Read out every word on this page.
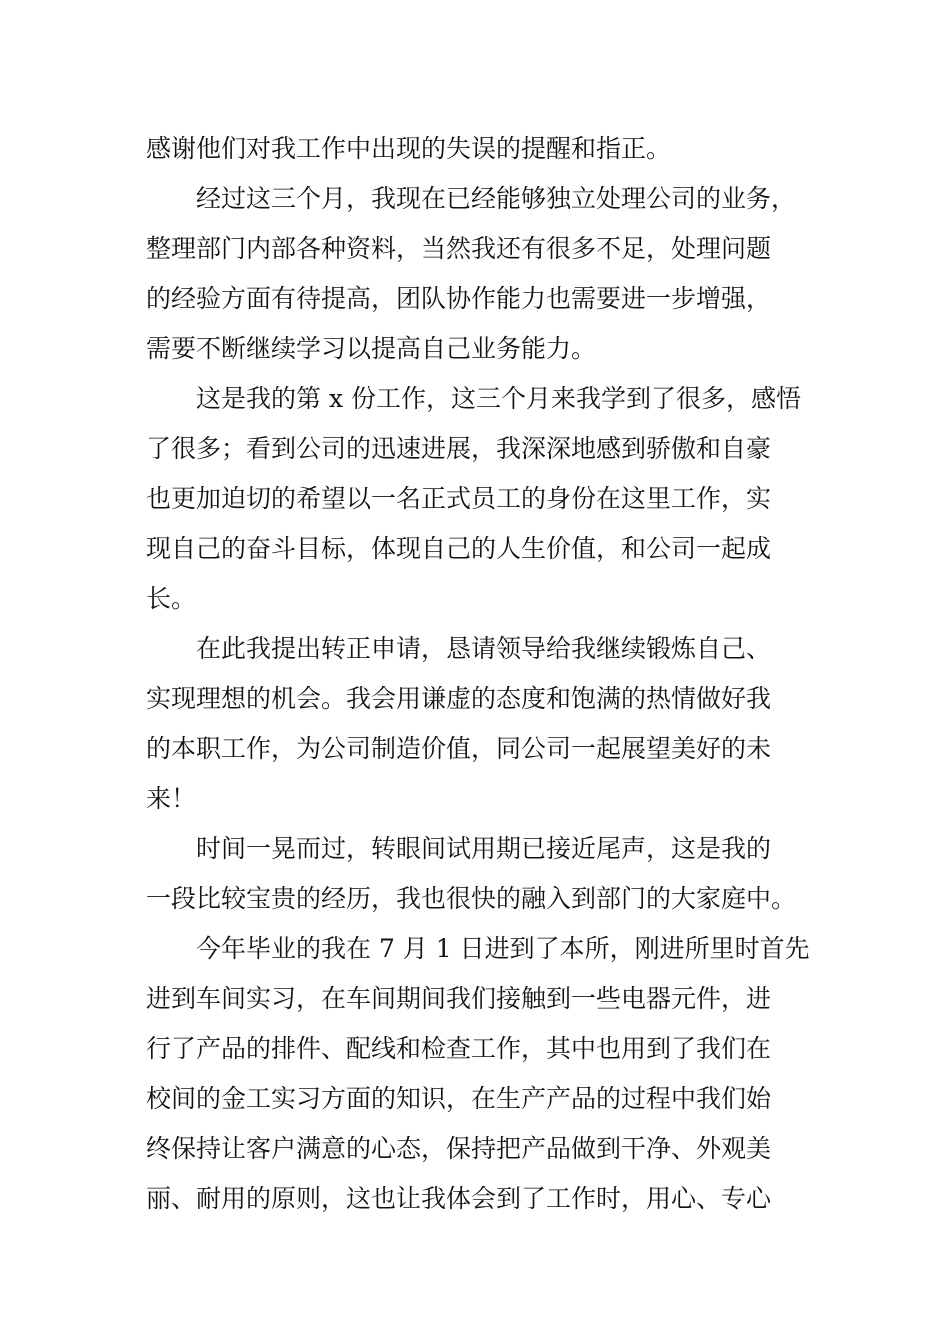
感谢他们对我工作中出现的失误的提醒和指正。
经过这三个月，我现在已经能够独立处理公司的业务，
整理部门内部各种资料，当然我还有很多不足，处理问题
的经验方面有待提高，团队协作能力也需要进一步增强，
需要不断继续学习以提高自己业务能力。
这是我的第 x 份工作，这三个月来我学到了很多，感悟
了很多；看到公司的迅速进展，我深深地感到骄傲和自豪
也更加迫切的希望以一名正式员工的身份在这里工作，实
现自己的奋斗目标，体现自己的人生价值，和公司一起成
长。
在此我提出转正申请，恳请领导给我继续锻炼自己、
实现理想的机会。我会用谦虚的态度和饱满的热情做好我
的本职工作，为公司制造价值，同公司一起展望美好的未
来！
时间一晃而过，转眼间试用期已接近尾声，这是我的
一段比较宝贵的经历，我也很快的融入到部门的大家庭中。
今年毕业的我在 7 月 1 日进到了本所，刚进所里时首先
进到车间实习，在车间期间我们接触到一些电器元件，进
行了产品的排件、配线和检查工作，其中也用到了我们在
校间的金工实习方面的知识，在生产产品的过程中我们始
终保持让客户满意的心态，保持把产品做到干净、外观美
丽、耐用的原则，这也让我体会到了工作时，用心、专心
